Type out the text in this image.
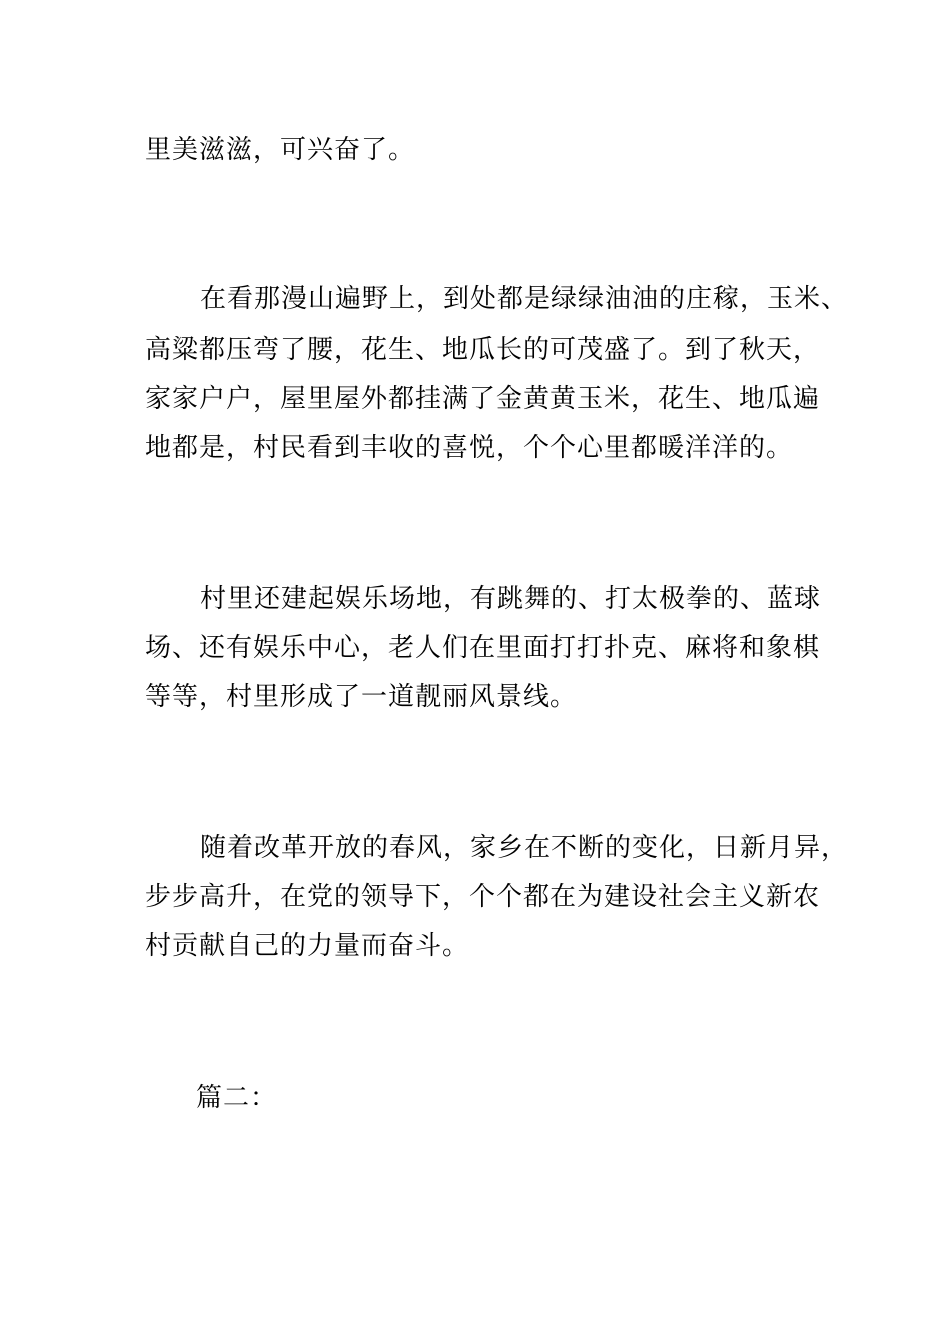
里美滋滋，可兴奋了。
在看那漫山遍野上，到处都是绿绿油油的庄稼，玉米、
高粱都压弯了腰，花生、地瓜长的可茂盛了。到了秋天，
家家户户，屋里屋外都挂满了金黄黄玉米，花生、地瓜遍
地都是，村民看到丰收的喜悦，个个心里都暖洋洋的。
村里还建起娱乐场地，有跳舞的、打太极拳的、蓝球
场、还有娱乐中心，老人们在里面打打扑克、麻将和象棋
等等，村里形成了一道靓丽风景线。
随着改革开放的春风，家乡在不断的变化，日新月异，
步步高升，在党的领导下，个个都在为建设社会主义新农
村贡献自己的力量而奋斗。
篇二：
